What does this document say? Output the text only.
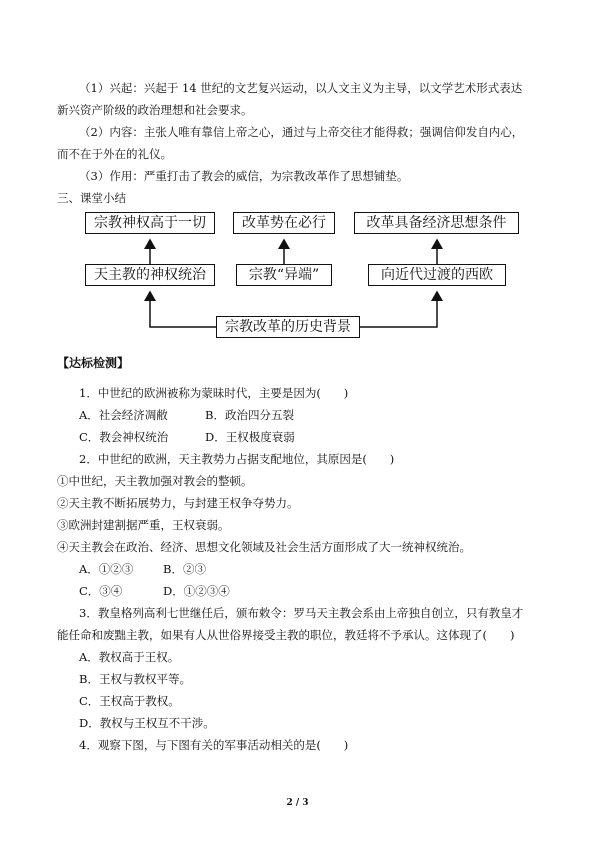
（1）兴起：兴起于 14 世纪的文艺复兴运动，以人文主义为主导，以文学艺术形式表达
新兴资产阶级的政治理想和社会要求。
（2）内容：主张人唯有靠信上帝之心，通过与上帝交往才能得救；强调信仰发自内心，
而不在于外在的礼仪。
（3）作用：严重打击了教会的威信，为宗教改革作了思想铺垫。
三、课堂小结
宗教神权高于一切	改革势在必行	改革具备经济思想条件
天主教的神权统治	宗教“异端”	向近代过渡的西欧
宗教改革的历史背景
【达标检测】
1．中世纪的欧洲被称为蒙昧时代，主要是因为(　　)
A．社会经济凋敝	B．政治四分五裂
C．教会神权统治	D．王权极度衰弱
2．中世纪的欧洲，天主教势力占据支配地位，其原因是(　　)
①中世纪，天主教加强对教会的整顿。
②天主教不断拓展势力，与封建王权争夺势力。
③欧洲封建割据严重，王权衰弱。
④天主教会在政治、经济、思想文化领域及社会生活方面形成了大一统神权统治。
A．①②③	B．②③
C．③④	D．①②③④
3．教皇格列高利七世继任后，颁布敕令：罗马天主教会系由上帝独自创立，只有教皇才
能任命和废黜主教，如果有人从世俗界接受主教的职位，教廷将不予承认。这体现了(　　)
A．教权高于王权。
B．王权与教权平等。
C．王权高于教权。
D．教权与王权互不干涉。
4．观察下图，与下图有关的军事活动相关的是(　　)
2 / 3
